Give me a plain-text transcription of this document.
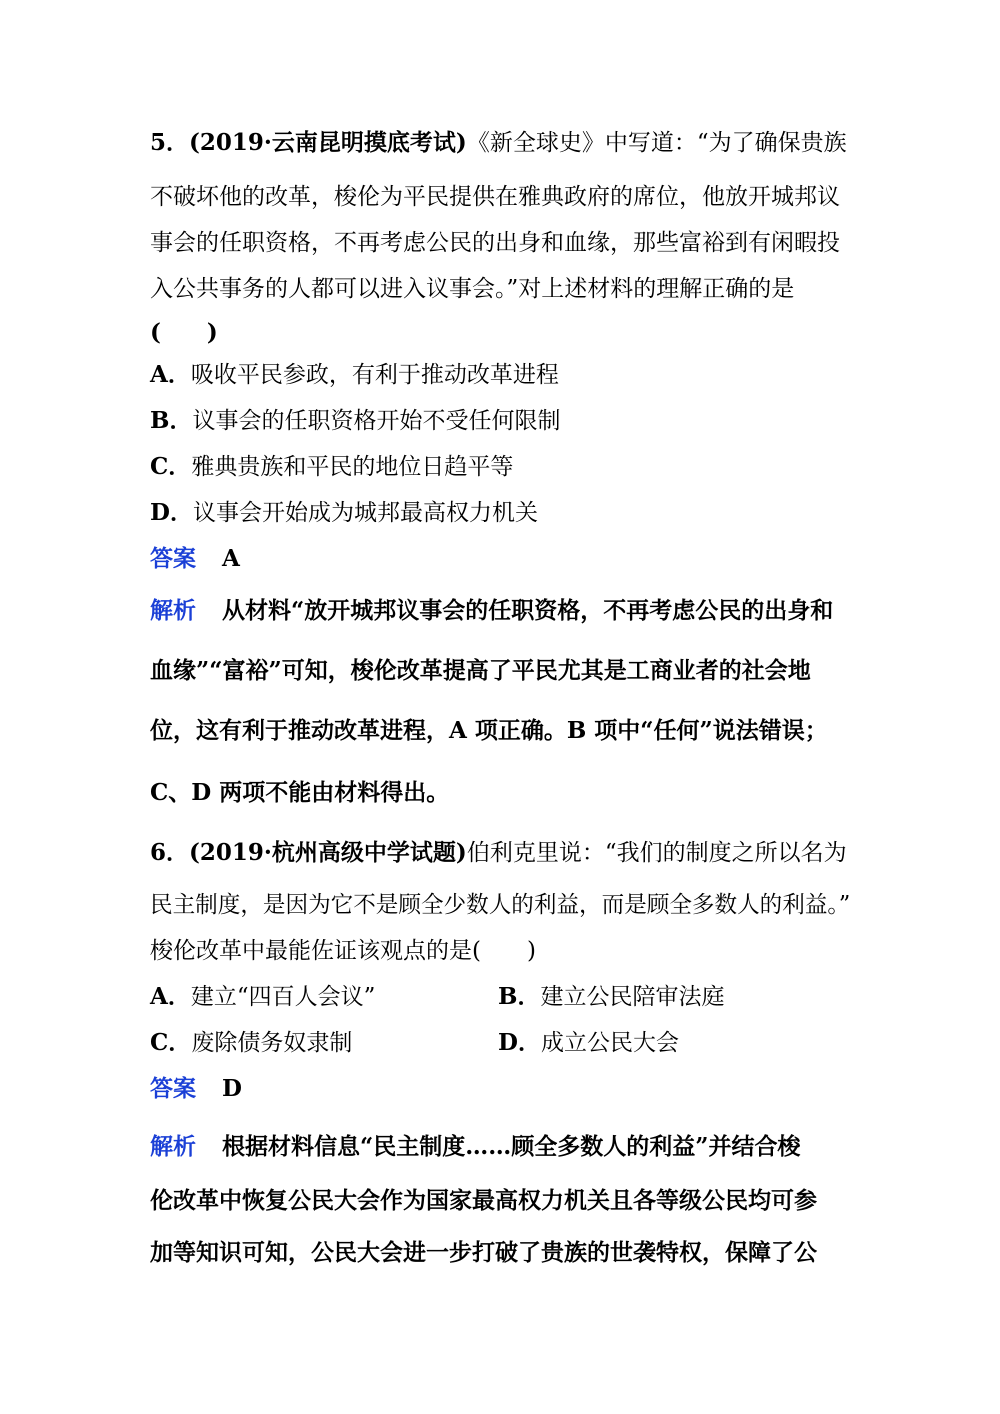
5．(2019·云南昆明摸底考试)《新全球史》中写道：“为了确保贵族

不破坏他的改革，梭伦为平民提供在雅典政府的席位，他放开城邦议

事会的任职资格，不再考虑公民的出身和血缘，那些富裕到有闲暇投

入公共事务的人都可以进入议事会。”对上述材料的理解正确的是

(　　)

A．吸收平民参政，有利于推动改革进程

B．议事会的任职资格开始不受任何限制

C．雅典贵族和平民的地位日趋平等

D．议事会开始成为城邦最高权力机关

答案 A

解析 从材料“放开城邦议事会的任职资格，不再考虑公民的出身和

血缘”“富裕”可知，梭伦改革提高了平民尤其是工商业者的社会地

位，这有利于推动改革进程，A 项正确。B 项中“任何”说法错误；

C、D 两项不能由材料得出。

6．(2019·杭州高级中学试题)伯利克里说：“我们的制度之所以名为

民主制度，是因为它不是顾全少数人的利益，而是顾全多数人的利益。”

梭伦改革中最能佐证该观点的是(　　)

A．建立“四百人会议”	B．建立公民陪审法庭

C．废除债务奴隶制	D．成立公民大会

答案 D

解析 根据材料信息“民主制度……顾全多数人的利益”并结合梭

伦改革中恢复公民大会作为国家最高权力机关且各等级公民均可参

加等知识可知，公民大会进一步打破了贵族的世袭特权，保障了公
